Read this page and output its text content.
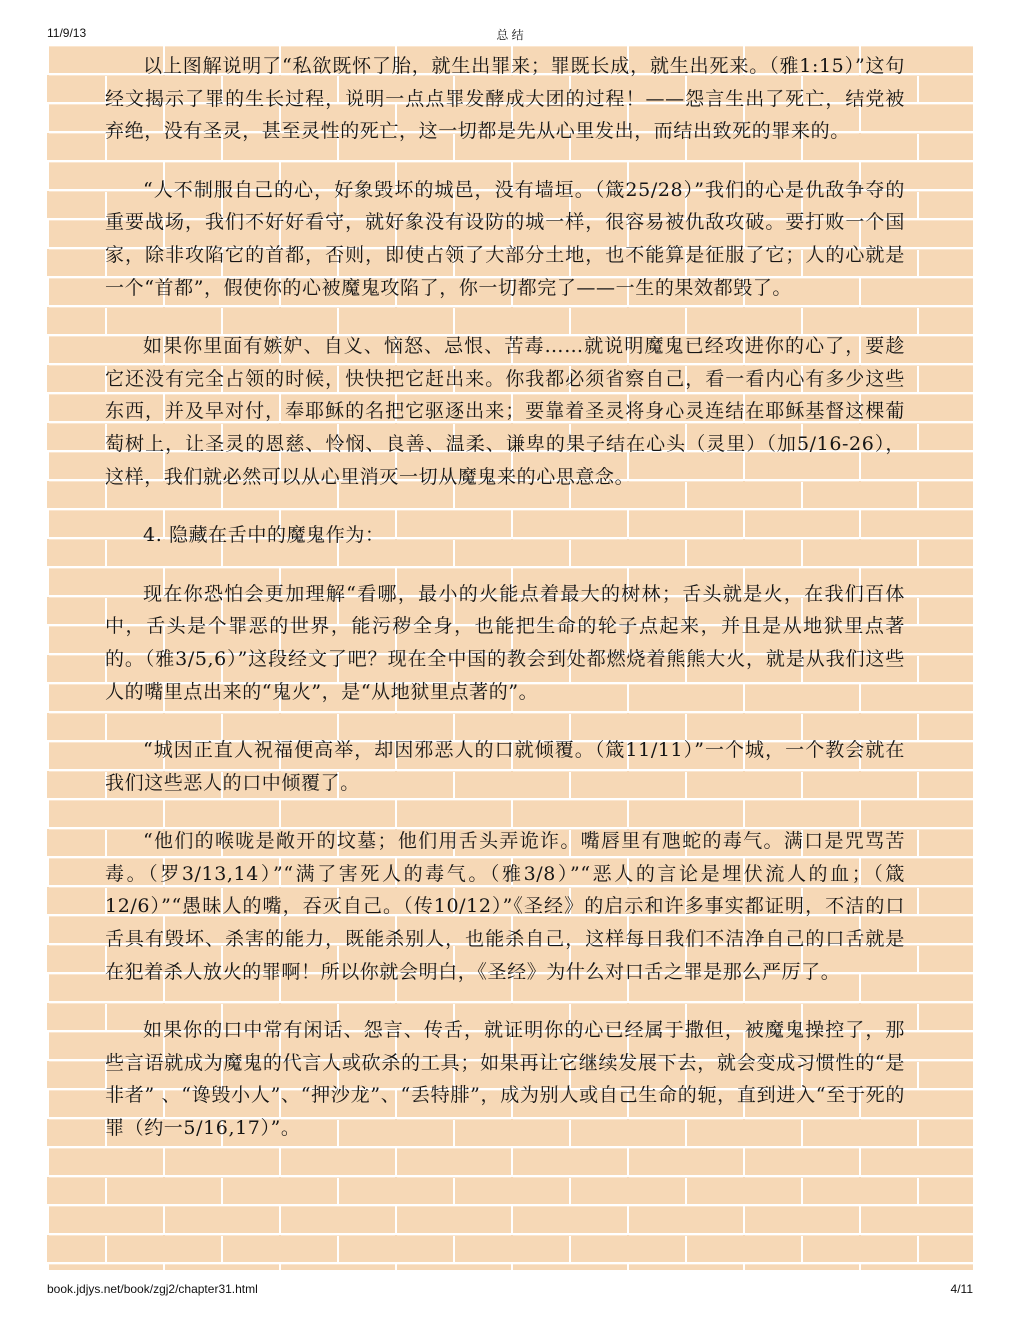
11/9/13	总 结

以上图解说明了“私欲既怀了胎，就生出罪来；罪既长成，就生出死来。（雅1:15）”这句经文揭示了罪的生长过程，说明一点点罪发酵成大团的过程！——怨言生出了死亡，结党被弃绝，没有圣灵，甚至灵性的死亡，这一切都是先从心里发出，而结出致死的罪来的。

“人不制服自己的心，好象毁坏的城邑，没有墙垣。（箴25/28）”我们的心是仇敌争夺的重要战场，我们不好好看守，就好象没有设防的城一样，很容易被仇敌攻破。要打败一个国家，除非攻陷它的首都，否则，即使占领了大部分土地，也不能算是征服了它；人的心就是一个“首都”，假使你的心被魔鬼攻陷了，你一切都完了——一生的果效都毁了。

如果你里面有嫉妒、自义、恼怒、忌恨、苦毒……就说明魔鬼已经攻进你的心了，要趁它还没有完全占领的时候，快快把它赶出来。你我都必须省察自己，看一看内心有多少这些东西，并及早对付，奉耶稣的名把它驱逐出来；要靠着圣灵将身心灵连结在耶稣基督这棵葡萄树上，让圣灵的恩慈、怜悯、良善、温柔、谦卑的果子结在心头（灵里）（加5/16-26），这样，我们就必然可以从心里消灭一切从魔鬼来的心思意念。

4. 隐藏在舌中的魔鬼作为：

现在你恐怕会更加理解“看哪，最小的火能点着最大的树林；舌头就是火，在我们百体中，舌头是个罪恶的世界，能污秽全身，也能把生命的轮子点起来，并且是从地狱里点著的。（雅3/5,6）”这段经文了吧？现在全中国的教会到处都燃烧着熊熊大火，就是从我们这些人的嘴里点出来的“鬼火”，是“从地狱里点著的”。

“城因正直人祝福便高举，却因邪恶人的口就倾覆。（箴11/11）”一个城，一个教会就在我们这些恶人的口中倾覆了。

“他们的喉咙是敞开的坟墓；他们用舌头弄诡诈。嘴唇里有虺蛇的毒气。满口是咒骂苦毒。（罗3/13,14）”“满了害死人的毒气。（雅3/8）”“恶人的言论是埋伏流人的血；（箴12/6）”“愚昧人的嘴，吞灭自己。（传10/12）”《圣经》的启示和许多事实都证明，不洁的口舌具有毁坏、杀害的能力，既能杀别人，也能杀自己，这样每日我们不洁净自己的口舌就是在犯着杀人放火的罪啊！所以你就会明白，《圣经》为什么对口舌之罪是那么严厉了。

如果你的口中常有闲话、怨言、传舌，就证明你的心已经属于撒但，被魔鬼操控了，那些言语就成为魔鬼的代言人或砍杀的工具；如果再让它继续发展下去，就会变成习惯性的“是非者” 、“谗毁小人”、“押沙龙”、“丢特腓”，成为别人或自己生命的轭，直到进入“至于死的罪（约一5/16,17）”。

book.jdjys.net/book/zgj2/chapter31.html	4/11
